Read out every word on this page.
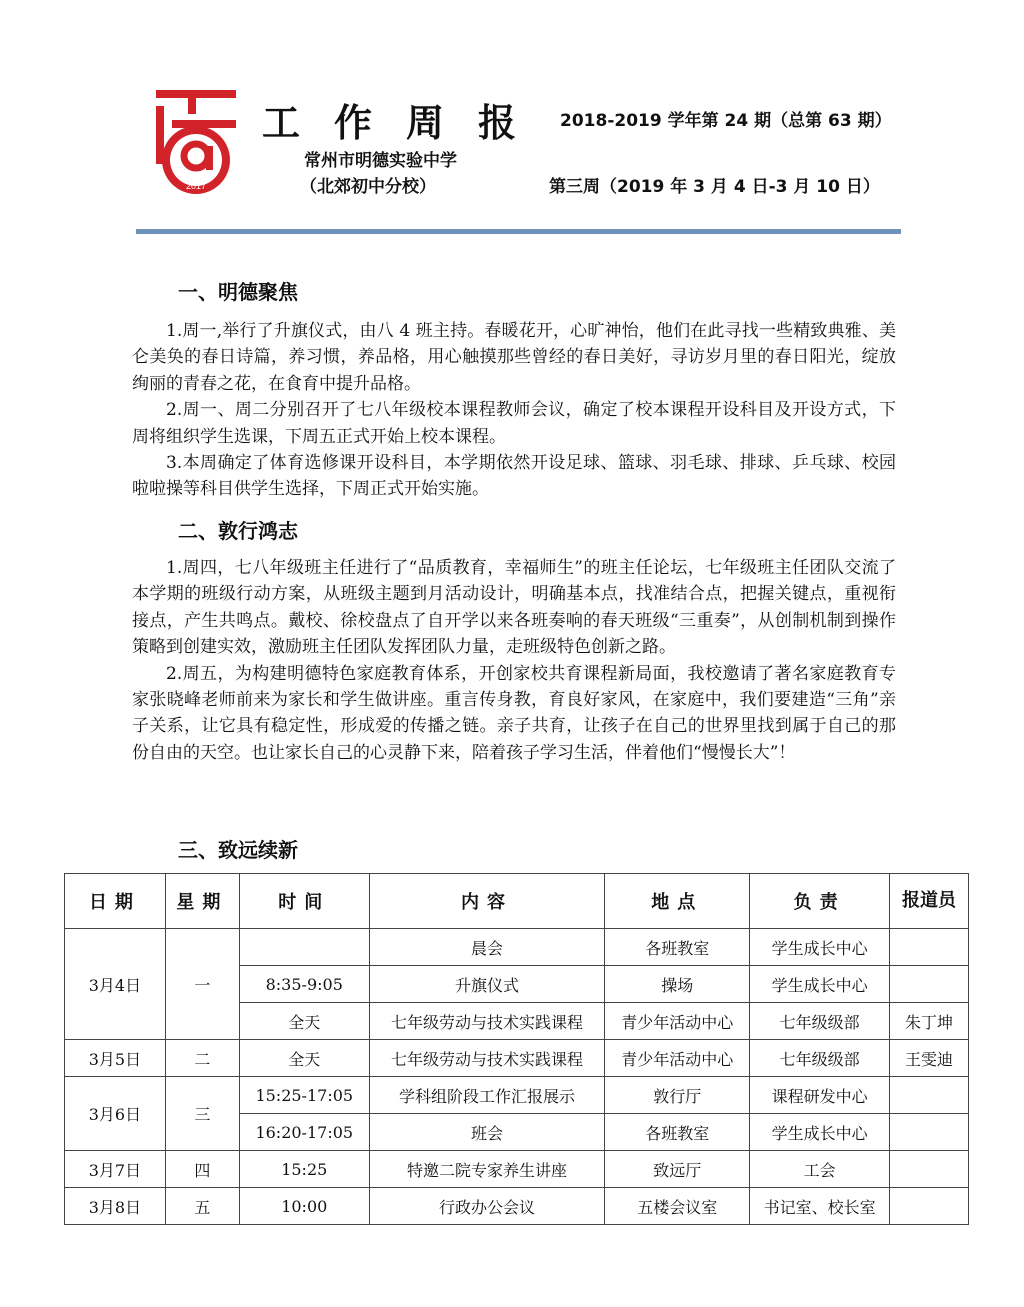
2017
工作周报 2018-2019 学年第 24 期（总第 63 期）
常州市明德实验中学
（北郊初中分校）	第三周（2019 年 3 月 4 日-3 月 10 日）
一、明德聚焦

1.周一,举行了升旗仪式，由八 4 班主持。春暖花开，心旷神怡，他们在此寻找一些精致典雅、美仑美奂的春日诗篇，养习惯，养品格，用心触摸那些曾经的春日美好，寻访岁月里的春日阳光，绽放绚丽的青春之花，在食育中提升品格。

2.周一、周二分别召开了七八年级校本课程教师会议，确定了校本课程开设科目及开设方式，下周将组织学生选课，下周五正式开始上校本课程。

3.本周确定了体育选修课开设科目，本学期依然开设足球、篮球、羽毛球、排球、乒乓球、校园啦啦操等科目供学生选择，下周正式开始实施。

二、敦行鸿志

1.周四，七八年级班主任进行了“品质教育，幸福师生”的班主任论坛，七年级班主任团队交流了本学期的班级行动方案，从班级主题到月活动设计，明确基本点，找准结合点，把握关键点，重视衔接点，产生共鸣点。戴校、徐校盘点了自开学以来各班奏响的春天班级“三重奏”，从创制机制到操作策略到创建实效，激励班主任团队发挥团队力量，走班级特色创新之路。

2.周五，为构建明德特色家庭教育体系，开创家校共育课程新局面，我校邀请了著名家庭教育专家张晓峰老师前来为家长和学生做讲座。重言传身教，育良好家风，在家庭中，我们要建造“三角”亲子关系，让它具有稳定性，形成爱的传播之链。亲子共育，让孩子在自己的世界里找到属于自己的那份自由的天空。也让家长自己的心灵静下来，陪着孩子学习生活，伴着他们“慢慢长大”！

三、致远续新
日期	星期	时间	内容	地点	负责	报道员
3月4日	一		晨会	各班教室	学生成长中心	
		8:35-9:05	升旗仪式	操场	学生成长中心	
		全天	七年级劳动与技术实践课程	青少年活动中心	七年级级部	朱丁坤
3月5日	二	全天	七年级劳动与技术实践课程	青少年活动中心	七年级级部	王雯迪
3月6日	三	15:25-17:05	学科组阶段工作汇报展示	敦行厅	课程研发中心	
		16:20-17:05	班会	各班教室	学生成长中心	
3月7日	四	15:25	特邀二院专家养生讲座	致远厅	工会	
3月8日	五	10:00	行政办公会议	五楼会议室	书记室、校长室	
